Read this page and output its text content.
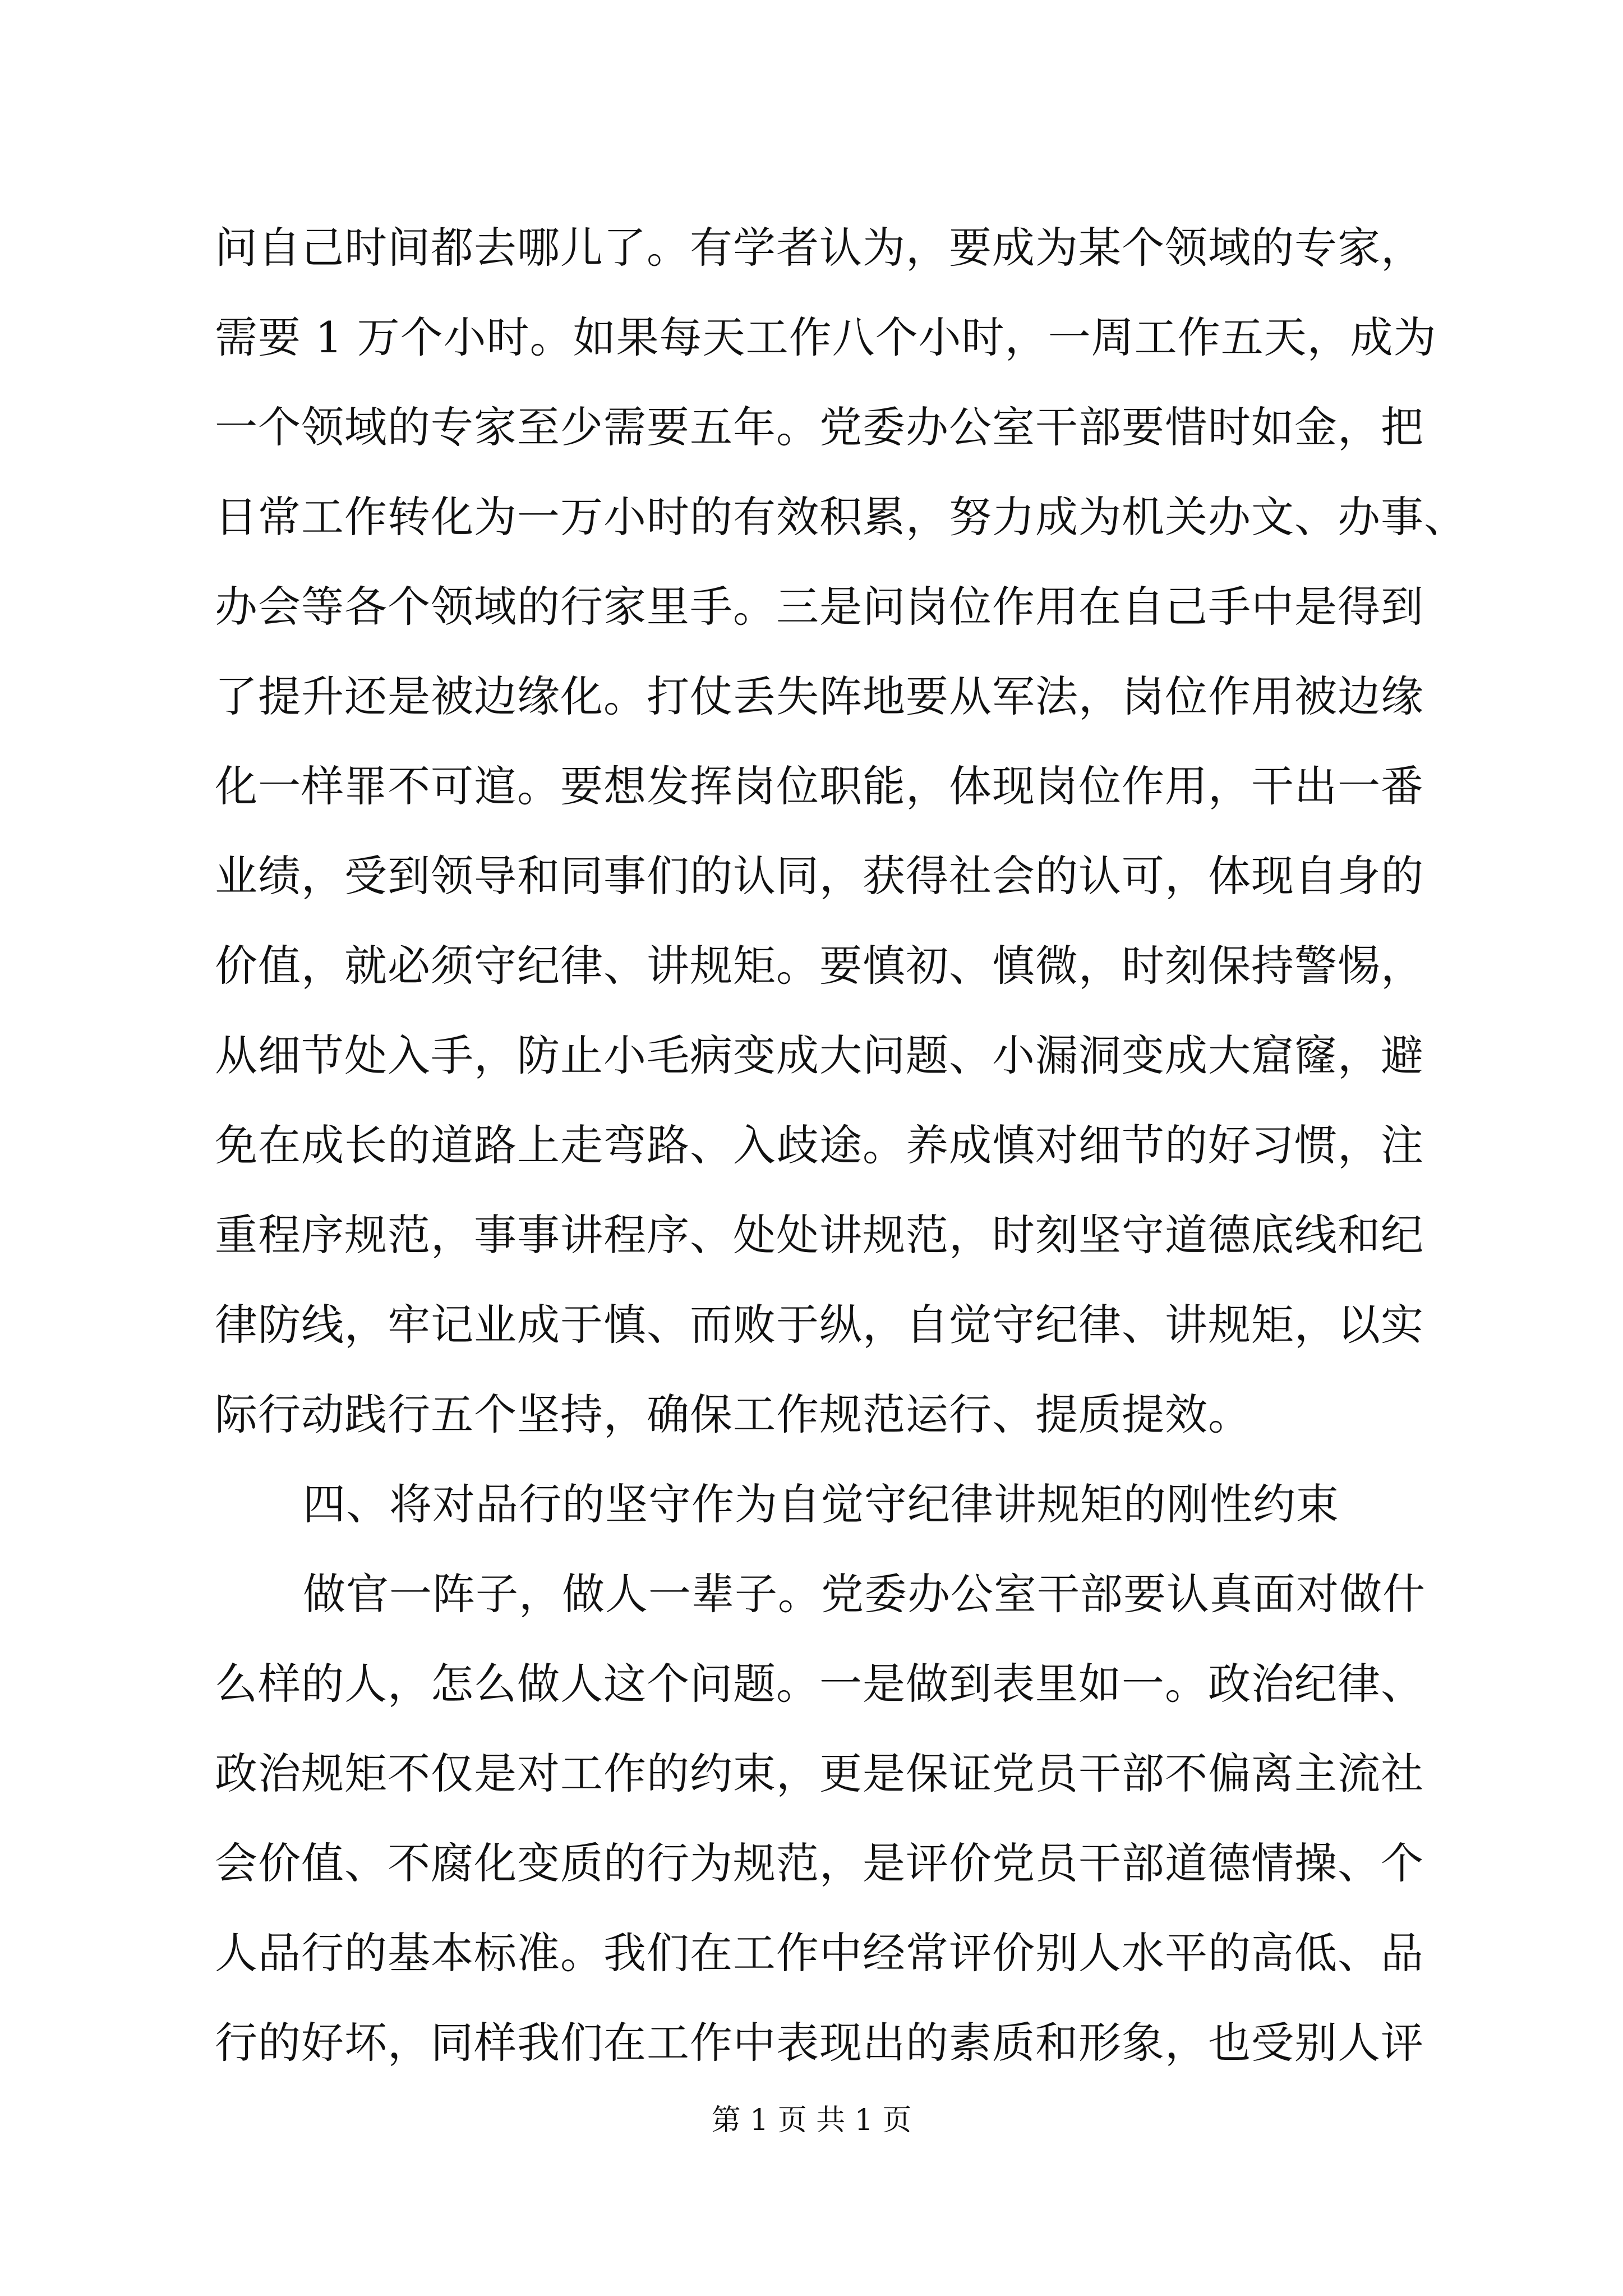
问自己时间都去哪儿了。有学者认为，要成为某个领域的专家，
需要 1 万个小时。如果每天工作八个小时，一周工作五天，成为
一个领域的专家至少需要五年。党委办公室干部要惜时如金，把
日常工作转化为一万小时的有效积累，努力成为机关办文、办事、
办会等各个领域的行家里手。三是问岗位作用在自己手中是得到
了提升还是被边缘化。打仗丢失阵地要从军法，岗位作用被边缘
化一样罪不可逭。要想发挥岗位职能，体现岗位作用，干出一番
业绩，受到领导和同事们的认同，获得社会的认可，体现自身的
价值，就必须守纪律、讲规矩。要慎初、慎微，时刻保持警惕，
从细节处入手，防止小毛病变成大问题、小漏洞变成大窟窿，避
免在成长的道路上走弯路、入歧途。养成慎对细节的好习惯，注
重程序规范，事事讲程序、处处讲规范，时刻坚守道德底线和纪
律防线，牢记业成于慎、而败于纵，自觉守纪律、讲规矩，以实
际行动践行五个坚持，确保工作规范运行、提质提效。
四、将对品行的坚守作为自觉守纪律讲规矩的刚性约束
做官一阵子，做人一辈子。党委办公室干部要认真面对做什
么样的人，怎么做人这个问题。一是做到表里如一。政治纪律、
政治规矩不仅是对工作的约束，更是保证党员干部不偏离主流社
会价值、不腐化变质的行为规范，是评价党员干部道德情操、个
人品行的基本标准。我们在工作中经常评价别人水平的高低、品
行的好坏，同样我们在工作中表现出的素质和形象，也受别人评
第 1 页 共 1 页
